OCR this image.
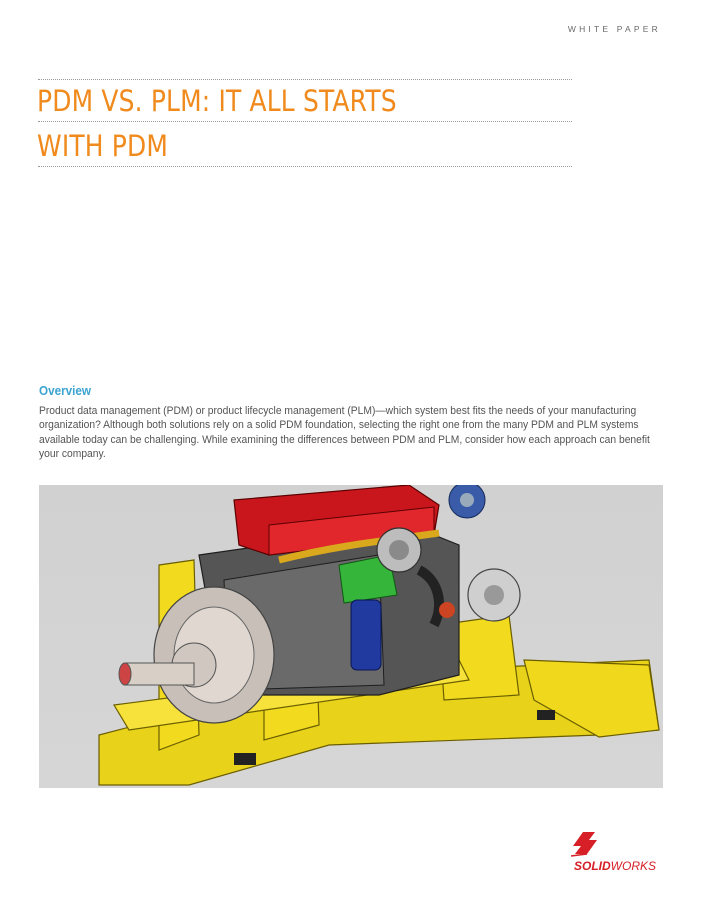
WHITE PAPER
PDM VS. PLM: IT ALL STARTS
WITH PDM
Overview
Product data management (PDM) or product lifecycle management (PLM)—which system best fits the needs of your manufacturing organization? Although both solutions rely on a solid PDM foundation, selecting the right one from the many PDM and PLM systems available today can be challenging. While examining the differences between PDM and PLM, consider how each approach can benefit your company.
SOLIDWORKS
